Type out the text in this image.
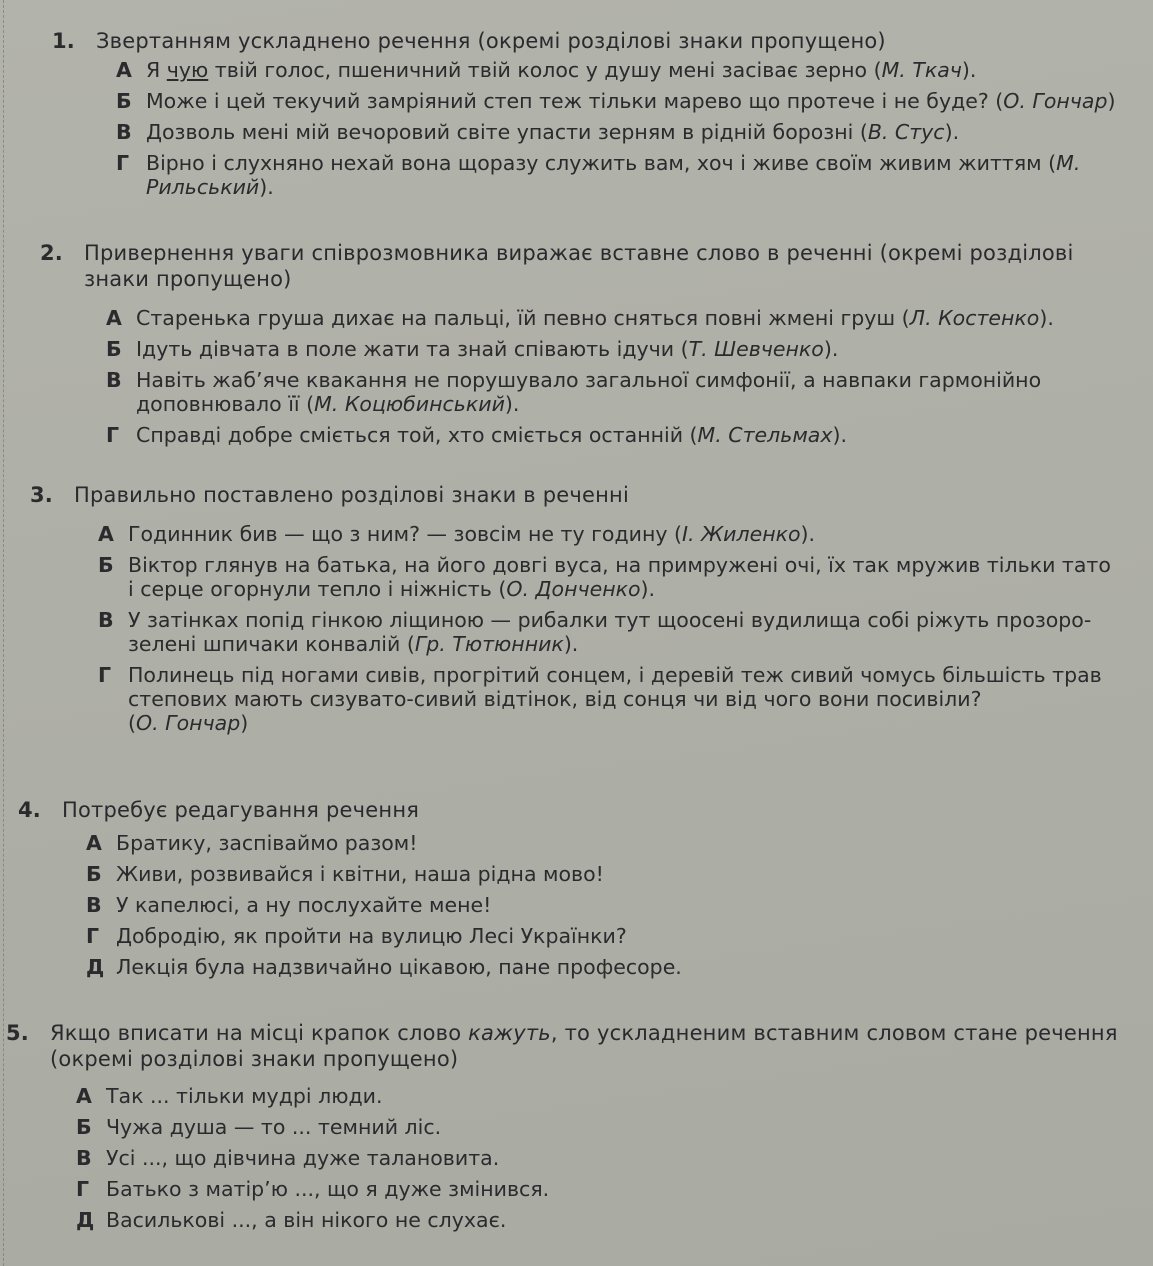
1.	Звертанням ускладнено речення (окремі розділові знаки пропущено)
А Я чую твій голос, пшеничний твій колос у душу мені засіває зерно (М. Ткач).
Б Може і цей текучий замріяний степ теж тільки марево що протече і не буде? (О. Гончар)
В Дозволь мені мій вечоровий світе упасти зерням в рідній борозні (В. Стус).
Г Вірно і слухняно нехай вона щоразу служить вам, хоч і живе своїм живим життям (М. Рильський).
2.	Привернення уваги співрозмовника виражає вставне слово в реченні (окремі розділові знаки пропущено)
А Старенька груша дихає на пальці, їй певно сняться повні жмені груш (Л. Костенко).
Б Ідуть дівчата в поле жати та знай співають ідучи (Т. Шевченко).
В Навіть жаб’яче квакання не порушувало загальної симфонії, а навпаки гармонійно доповнювало її (М. Коцюбинський).
Г Справді добре сміється той, хто сміється останній (М. Стельмах).
3.	Правильно поставлено розділові знаки в реченні
А Годинник бив — що з ним? — зовсім не ту годину (І. Жиленко).
Б Віктор глянув на батька, на його довгі вуса, на примружені очі, їх так мружив тільки тато і серце огорнули тепло і ніжність (О. Донченко).
В У затінках попід гінкою ліщиною — рибалки тут щоосені вудилища собі ріжуть прозоро-зелені шпичаки конвалій (Гр. Тютюнник).
Г Полинець під ногами сивів, прогрітий сонцем, і деревій теж сивий чомусь більшість трав степових мають сизувато-сивий відтінок, від сонця чи від чого вони посивіли?
(О. Гончар)
4.	Потребує редагування речення
А Братику, заспіваймо разом!
Б Живи, розвивайся і квітни, наша рідна мово!
В У капелюсі, а ну послухайте мене!
Г Добродію, як пройти на вулицю Лесі Українки?
Д Лекція була надзвичайно цікавою, пане професоре.
5.	Якщо вписати на місці крапок слово кажуть, то ускладненим вставним словом стане речення (окремі розділові знаки пропущено)
А Так ... тільки мудрі люди.
Б Чужа душа — то ... темний ліс.
В Усі ..., що дівчина дуже талановита.
Г Батько з матір’ю ..., що я дуже змінився.
Д Василькові ..., а він нікого не слухає.
